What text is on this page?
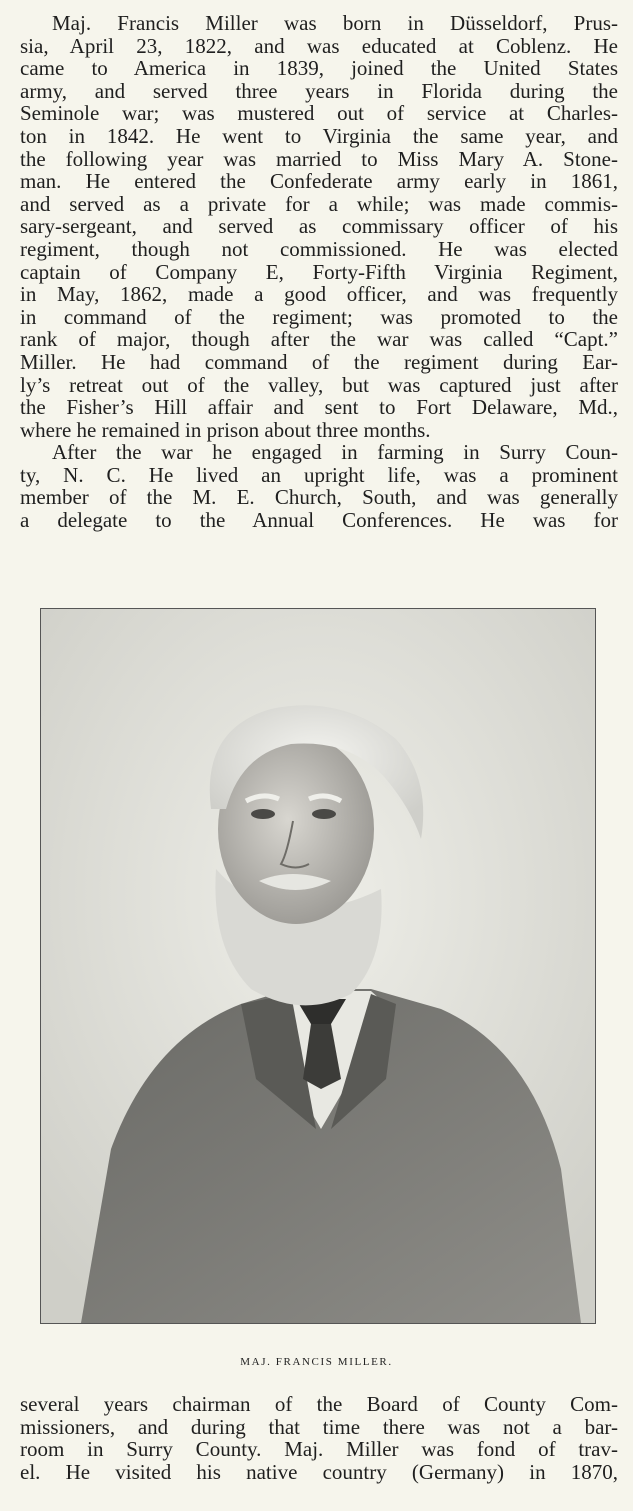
Maj. Francis Miller was born in Düsseldorf, Prus-
sia, April 23, 1822, and was educated at Coblenz. He
came to America in 1839, joined the United States
army, and served three years in Florida during the
Seminole war; was mustered out of service at Charles-
ton in 1842. He went to Virginia the same year, and
the following year was married to Miss Mary A. Stone-
man. He entered the Confederate army early in 1861,
and served as a private for a while; was made commis-
sary-sergeant, and served as commissary officer of his
regiment, though not commissioned. He was elected
captain of Company E, Forty-Fifth Virginia Regiment,
in May, 1862, made a good officer, and was frequently
in command of the regiment; was promoted to the
rank of major, though after the war was called “Capt.”
Miller. He had command of the regiment during Ear-
ly’s retreat out of the valley, but was captured just after
the Fisher’s Hill affair and sent to Fort Delaware, Md.,
where he remained in prison about three months.
After the war he engaged in farming in Surry Coun-
ty, N. C. He lived an upright life, was a prominent
member of the M. E. Church, South, and was generally
a delegate to the Annual Conferences. He was for
MAJ. FRANCIS MILLER.
several years chairman of the Board of County Com-
missioners, and during that time there was not a bar-
room in Surry County. Maj. Miller was fond of trav-
el. He visited his native country (Germany) in 1870,
